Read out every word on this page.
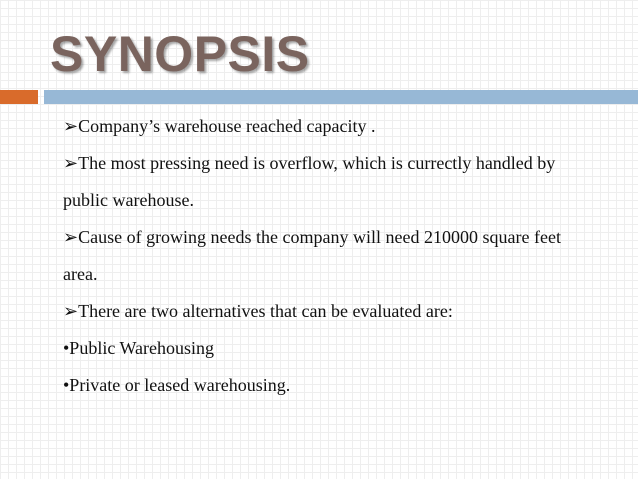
SYNOPSIS

➢Company’s warehouse reached capacity .

➢The most pressing need is overflow, which is currectly handled by public warehouse.

➢Cause of growing needs the company will need 210000 square feet area.

➢There are two alternatives that can be evaluated are:

•Public Warehousing

•Private or leased warehousing.
